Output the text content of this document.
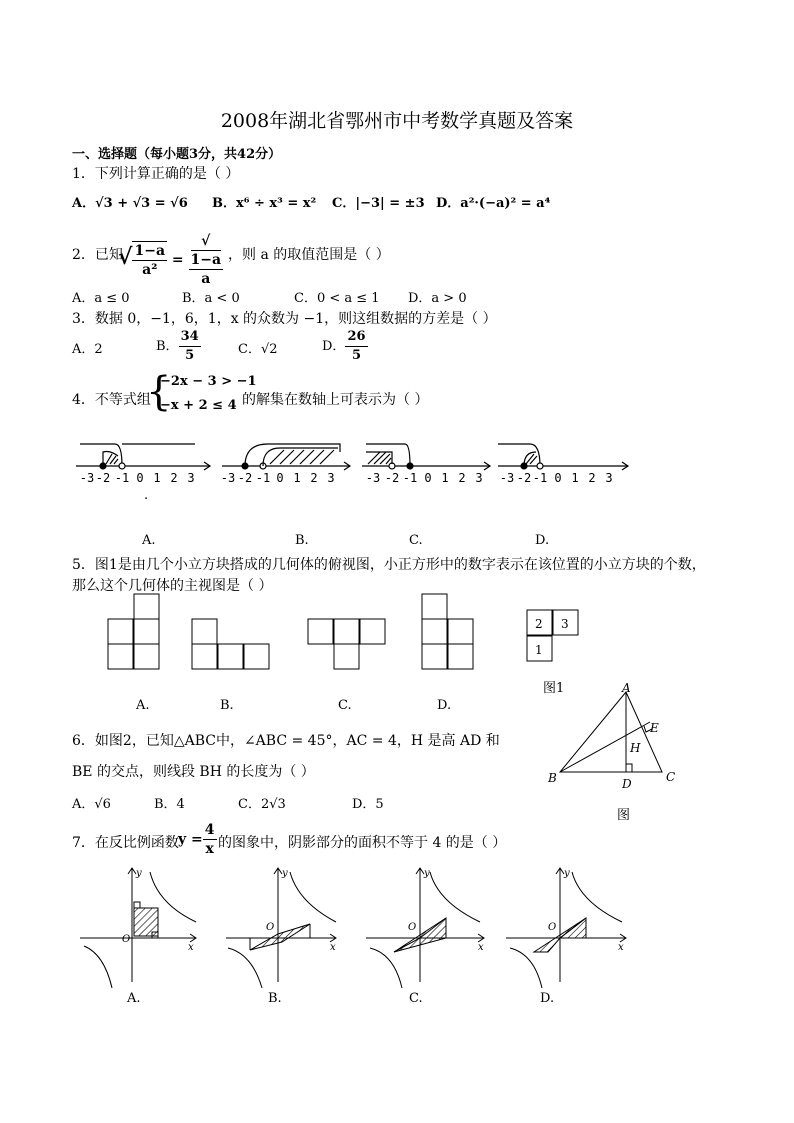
2008年湖北省鄂州市中考数学真题及答案
一、选择题（每小题3分，共42分）
1．下列计算正确的是（ ）
A．√3 + √3 = √6 B．x⁶ ÷ x³ = x² C．|−3| = ±3 D．a²·(−a)² = a⁴
2．已知
√ $\frac{1-a}{\text{a²}}$ = √
1−a
a ，则 a 的取值范围是（ ）
A．a ≤ 0	B．a < 0	C．0 < a ≤ 1 D．a > 0
3．数据 0，−1，6，1，x 的众数为 −1，则这组数据的方差是（ ）
A．2	B． $\frac{34}{5}$	C．√2	D． $\frac{26}{5}$
4．不等式组
{
−2x − 3 > −1
−x + 2 ≤ 4 的解集在数轴上可表示为（ ）
-3 -2 -1 0 1 2 3 -3 -2 -1 0 1 2 3	-3 -2 -1 0 1 2 3 -3 -2 -1 0 1 2 3
.
A.	B.	C.	D.
5．图1是由几个小立方块搭成的几何体的俯视图，小正方形中的数字表示在该位置的小立方块的个数，
那么这个几何体的主视图是（ ）
2 3
1
A.	B.	C.	D.
图1
6．如图2，已知△ABC中，∠ABC = 45°，AC = 4，H 是高 AD 和
BE 的交点，则线段 BH 的长度为（ ）
A．√6	B．4	C．2√3	D．5
A
B	C
D
E
H
图
7．在反比例函数 $y = \frac{4}{x}$ 的图象中，阴影部分的面积不等于 4 的是（ ）
y
x
O
y
x
O
y
x
O
y
x
O
A.	B.	C.	D.
